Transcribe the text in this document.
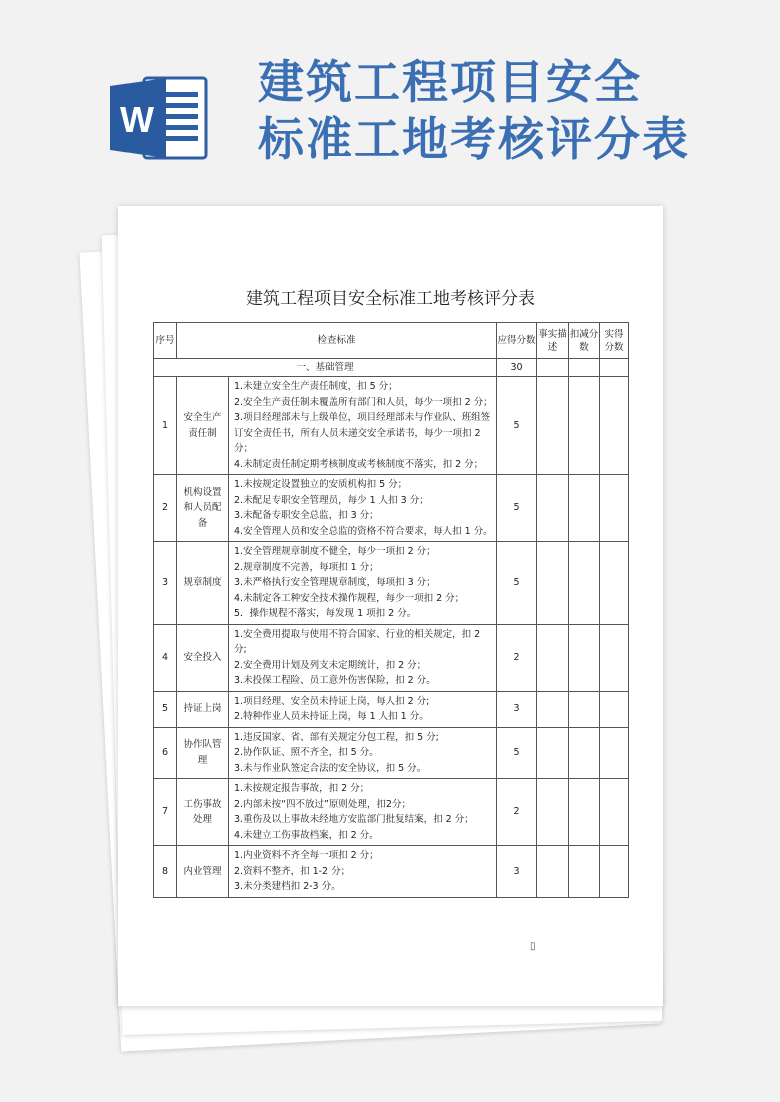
W
建筑工程项目安全
标准工地考核评分表
建筑工程项目安全标准工地考核评分表
序号	检查标准		应得分数	事实描述	扣减分数	实得分数
一、基础管理			30			
1	安全生产责任制	1.未建立安全生产责任制度，扣 5 分；
2.安全生产责任制未覆盖所有部门和人员，每少一项扣 2 分；
3.项目经理部未与上级单位，项目经理部未与作业队、班组签订安全责任书，所有人员未递交安全承诺书，每少一项扣 2分；
4.未制定责任制定期考核制度或考核制度不落实，扣 2 分；	5			
2	机构设置和人员配备	1.未按规定设置独立的安质机构扣 5 分；
2.未配足专职安全管理员，每少 1 人扣 3 分；
3.未配备专职安全总监，扣 3 分；
4.安全管理人员和安全总监的资格不符合要求，每人扣 1 分。	5			
3	规章制度	1.安全管理规章制度不健全，每少一项扣 2 分；
2.规章制度不完善，每项扣 1 分；
3.未严格执行安全管理规章制度，每项扣 3 分；
4.未制定各工种安全技术操作规程，每少一项扣 2 分；
5．操作规程不落实，每发现 1 项扣 2 分。	5			
4	安全投入	1.安全费用提取与使用不符合国家、行业的相关规定，扣 2 分;
2.安全费用计划及列支未定期统计，扣 2 分；
3.未投保工程险、员工意外伤害保险，扣 2 分。	2			
5	持证上岗	1.项目经理、安全员未持证上岗，每人扣 2 分;
2.特种作业人员未持证上岗，每 1 人扣 1 分。	3			
6	协作队管理	1.违反国家、省、部有关规定分包工程，扣 5 分;
2.协作队证、照不齐全，扣 5 分。
3.未与作业队签定合法的安全协议，扣 5 分。	5			
7	工伤事故处理	1.未按规定报告事故，扣 2 分；
2.内部未按“四不放过”原则处理，扣2分；
3.重伤及以上事故未经地方安监部门批复结案，扣 2 分；
4.未建立工伤事故档案，扣 2 分。	2			
8	内业管理	1.内业资料不齐全每一项扣 2 分；
2.资料不整齐，扣 1-2 分；
3.未分类建档扣 2-3 分。	3			
▯
